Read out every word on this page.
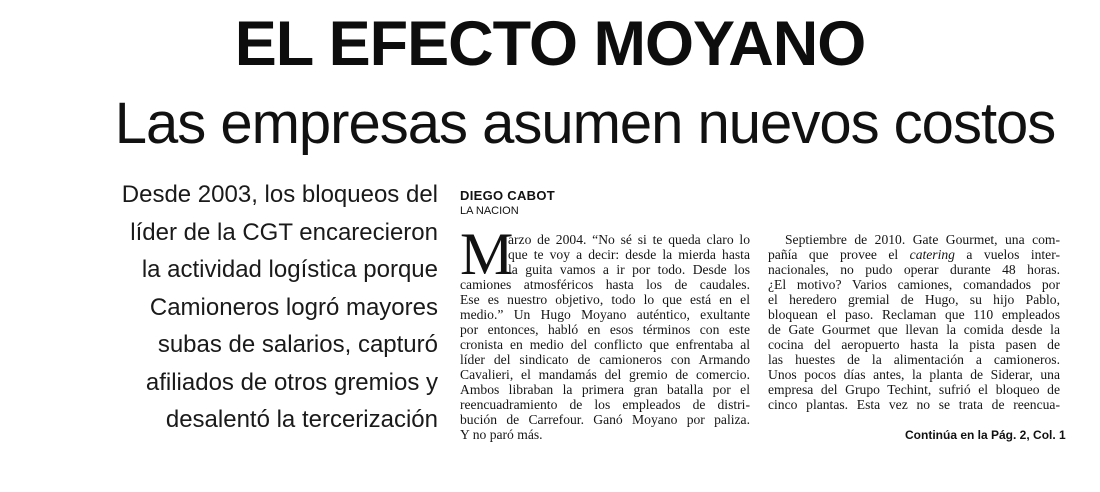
EL EFECTO MOYANO
Las empresas asumen nuevos costos
Desde 2003, los bloqueos del
líder de la CGT encarecieron
la actividad logística porque
Camioneros logró mayores
subas de salarios, capturó
afiliados de otros gremios y
desalentó la tercerización
DIEGO CABOT
LA NACION
M
arzo de 2004. “No sé si te queda claro lo
que te voy a decir: desde la mierda hasta
la guita vamos a ir por todo. Desde los
camiones atmosféricos hasta los de caudales.
Ese es nuestro objetivo, todo lo que está en el
medio.” Un Hugo Moyano auténtico, exultante
por entonces, habló en esos términos con este
cronista en medio del conflicto que enfrentaba al
líder del sindicato de camioneros con Armando
Cavalieri, el mandamás del gremio de comercio.
Ambos libraban la primera gran batalla por el
reencuadramiento de los empleados de distri-
bución de Carrefour. Ganó Moyano por paliza.
Y no paró más.
Septiembre de 2010. Gate Gourmet, una com-
pañía que provee el catering a vuelos inter-
nacionales, no pudo operar durante 48 horas.
¿El motivo? Varios camiones, comandados por
el heredero gremial de Hugo, su hijo Pablo,
bloquean el paso. Reclaman que 110 empleados
de Gate Gourmet que llevan la comida desde la
cocina del aeropuerto hasta la pista pasen de
las huestes de la alimentación a camioneros.
Unos pocos días antes, la planta de Siderar, una
empresa del Grupo Techint, sufrió el bloqueo de
cinco plantas. Esta vez no se trata de reencua-
Continúa en la Pág. 2, Col. 1
